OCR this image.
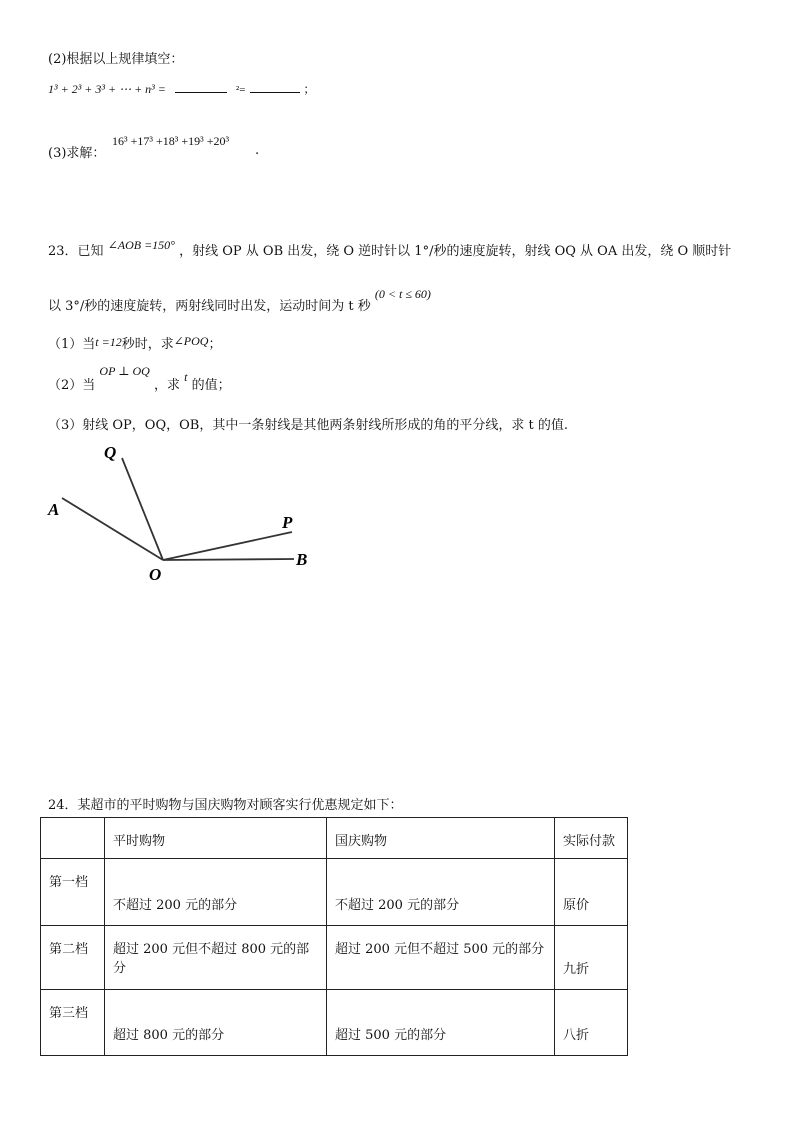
(2)根据以上规律填空：
1³ + 2³ + 3³ + ⋯ + n³ =	²=	；
(3)求解：
16³ +17³ +18³ +19³ +20³
.
23．已知 ∠AOB =150° ，射线 OP 从 OB 出发，绕 O 逆时针以 1°/秒的速度旋转，射线 OQ 从 OA 出发，绕 O 顺时针
以 3°/秒的速度旋转，两射线同时出发，运动时间为 t 秒 (0 < t ≤ 60)
（1）当t =12秒时，求∠POQ；
（2）当 OP ⊥ OQ ，求 t 的值；
（3）射线 OP，OQ，OB，其中一条射线是其他两条射线所形成的角的平分线，求 t 的值.
Q
A
P
B
O
24．某超市的平时购物与国庆购物对顾客实行优惠规定如下：
	平时购物	国庆购物	实际付款
第一档	不超过 200 元的部分	不超过 200 元的部分	原价
第二档	超过 200 元但不超过 800 元的部分	超过 200 元但不超过 500 元的部分	九折
第三档	超过 800 元的部分	超过 500 元的部分	八折
